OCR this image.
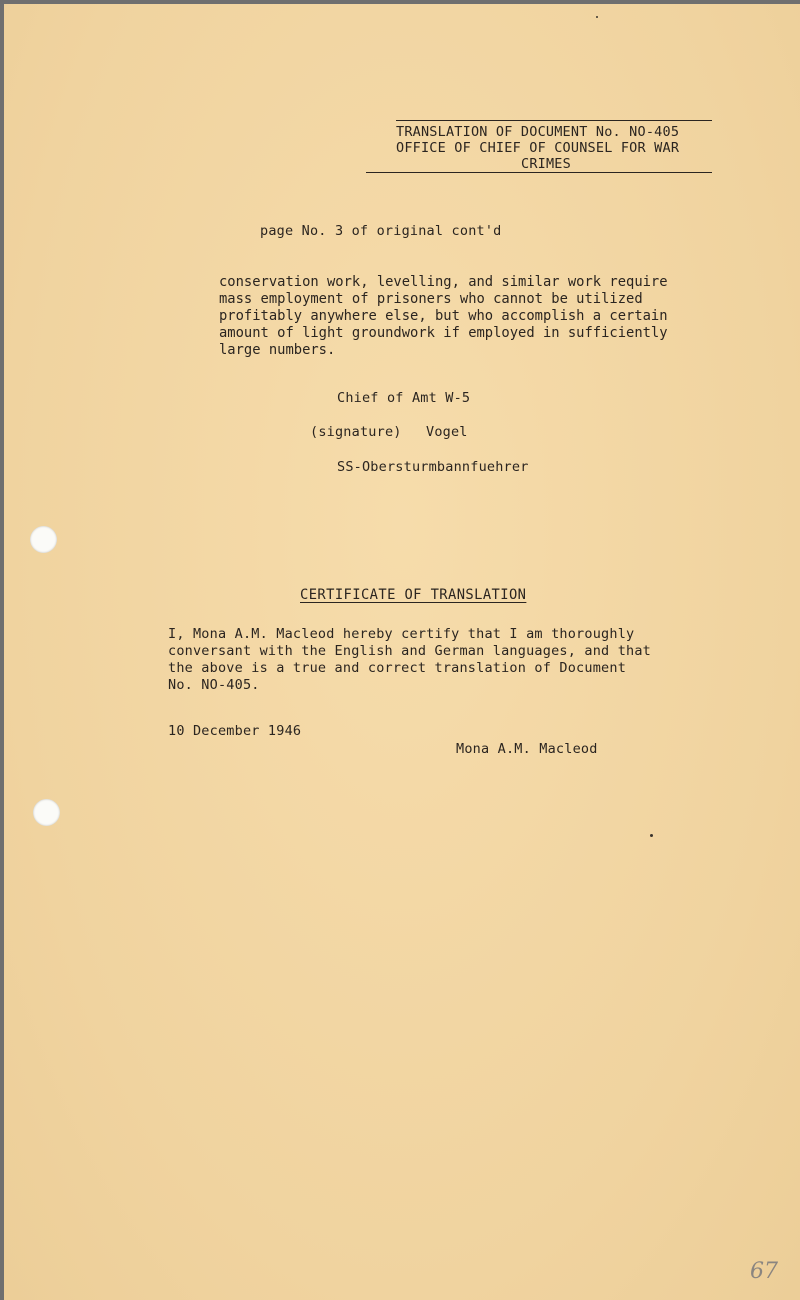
TRANSLATION OF DOCUMENT No. NO-405
OFFICE OF CHIEF OF COUNSEL FOR WAR
CRIMES
page No. 3 of original cont'd
conservation work, levelling, and similar work require
mass employment of prisoners who cannot be utilized
profitably anywhere else, but who accomplish a certain
amount of light groundwork if employed in sufficiently
large numbers.
Chief of Amt W-5
(signature) Vogel
SS-Obersturmbannfuehrer
CERTIFICATE OF TRANSLATION
I, Mona A.M. Macleod hereby certify that I am thoroughly
conversant with the English and German languages, and that
the above is a true and correct translation of Document
No. NO-405.
10 December 1946
Mona A.M. Macleod
67
